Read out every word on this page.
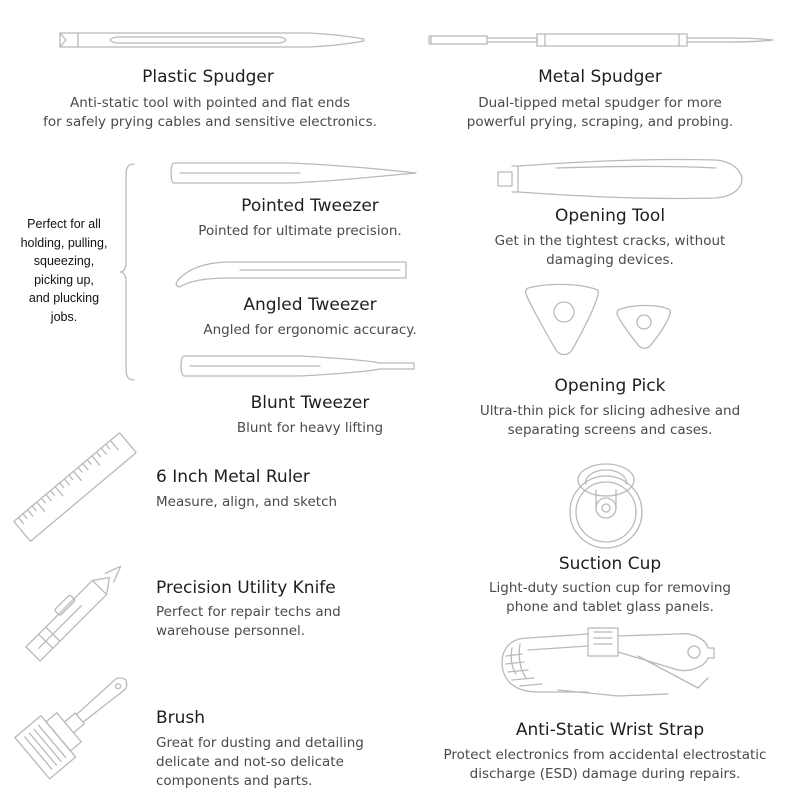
Perfect for all
holding, pulling,
squeezing,
picking up,
and plucking
jobs.
Plastic Spudger
Anti-static tool with pointed and flat ends
for safely prying cables and sensitive electronics.
Metal Spudger
Dual-tipped metal spudger for more
powerful prying, scraping, and probing.
Pointed Tweezer
Pointed for ultimate precision.
Opening Tool
Get in the tightest cracks, without
damaging devices.
Angled Tweezer
Angled for ergonomic accuracy.
Opening Pick
Ultra-thin pick for slicing adhesive and
separating screens and cases.
Blunt Tweezer
Blunt for heavy lifting
6 Inch Metal Ruler
Measure, align, and sketch
Suction Cup
Light-duty suction cup for removing
phone and tablet glass panels.
Precision Utility Knife
Perfect for repair techs and
warehouse personnel.
Anti-Static Wrist Strap
Protect electronics from accidental electrostatic
discharge (ESD) damage during repairs.
Brush
Great for dusting and detailing
delicate and not-so delicate
components and parts.
